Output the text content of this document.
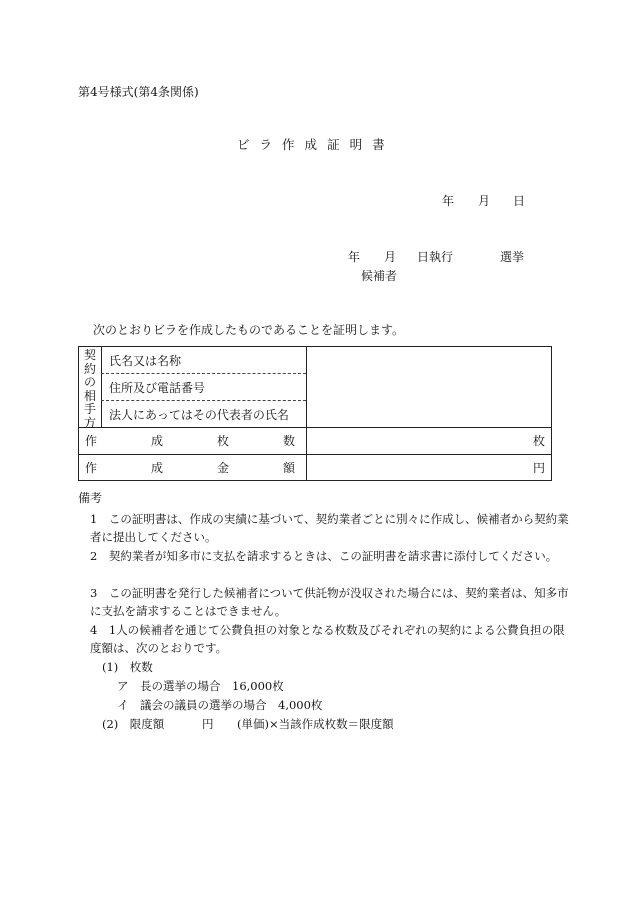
第4号様式(第4条関係)
ビ ラ 作 成 証 明 書
年 月 日
年 月 日執行	選挙
候補者
次のとおりビラを作成したものであることを証明します。
契
約
の
相
手
方
氏名又は名称
住所及び電話番号
法人にあってはその代表者の氏名
作	成	枚	数	枚
作	成	金	額	円
備考
1　この証明書は、作成の実績に基づいて、契約業者ごとに別々に作成し、候補者から契約業者に提出してください。
2　契約業者が知多市に支払を請求するときは、この証明書を請求書に添付してください。
3　この証明書を発行した候補者について供託物が没収された場合には、契約業者は、知多市に支払を請求することはできません。
4　1人の候補者を通じて公費負担の対象となる枚数及びそれぞれの契約による公費負担の限度額は、次のとおりです。
(1)　枚数
ア　長の選挙の場合　16,000枚
イ　議会の議員の選挙の場合　4,000枚
(2)　限度額	円 (単価)×当該作成枚数＝限度額
